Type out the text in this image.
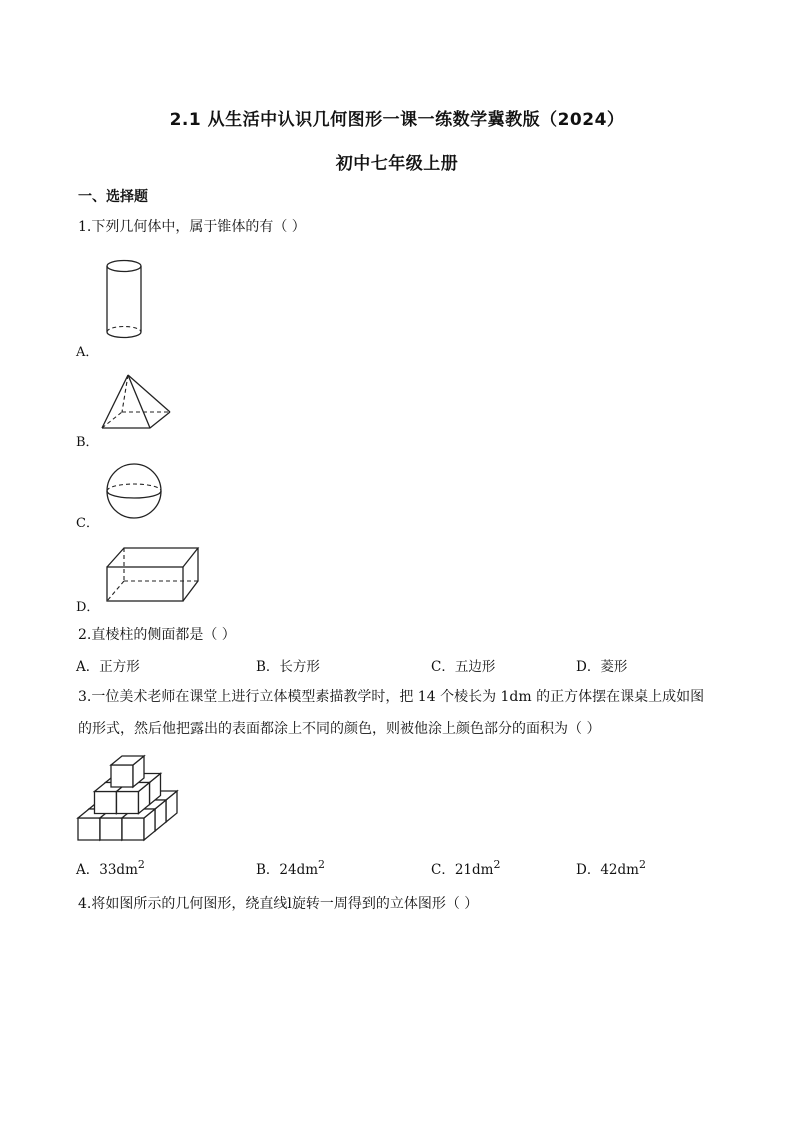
2.1 从生活中认识几何图形一课一练数学冀教版（2024）
初中七年级上册
一、选择题
1.下列几何体中，属于锥体的有（ ）
A．
B．
C．
D．
2.直棱柱的侧面都是（ ）
A．正方形	B．长方形	C．五边形	D．菱形
3.一位美术老师在课堂上进行立体模型素描教学时，把 14 个棱长为 1dm 的正方体摆在课桌上成如图
的形式，然后他把露出的表面都涂上不同的颜色，则被他涂上颜色部分的面积为（ ）
A．$33dm^2$	B．$24dm^2$	C．$21dm^2$	D．$42dm^2$
4.将如图所示的几何图形，绕直线l旋转一周得到的立体图形（ ）
